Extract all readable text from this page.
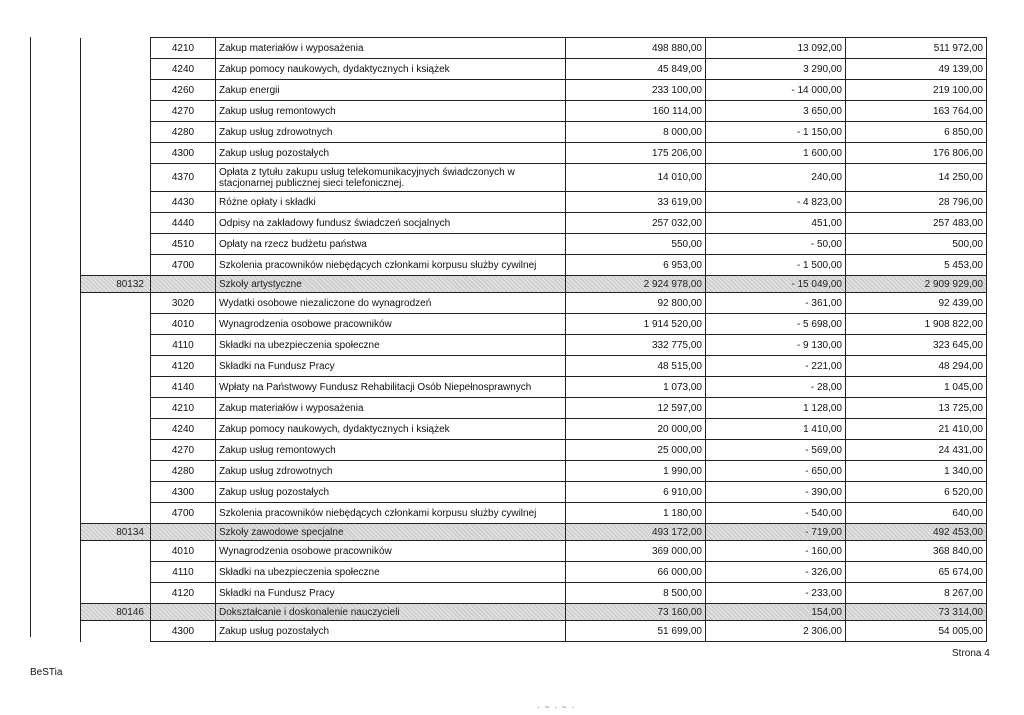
	4210	Zakup materiałów i wyposażenia	498 880,00	13 092,00	511 972,00
	4240	Zakup pomocy naukowych, dydaktycznych i książek	45 849,00	3 290,00	49 139,00
	4260	Zakup energii	233 100,00	- 14 000,00	219 100,00
	4270	Zakup usług remontowych	160 114,00	3 650,00	163 764,00
	4280	Zakup usług zdrowotnych	8 000,00	- 1 150,00	6 850,00
	4300	Zakup usług pozostałych	175 206,00	1 600,00	176 806,00
	4370	Opłata z tytułu zakupu usług telekomunikacyjnych świadczonych w stacjonarnej publicznej sieci telefonicznej.	14 010,00	240,00	14 250,00
	4430	Różne opłaty i składki	33 619,00	- 4 823,00	28 796,00
	4440	Odpisy na zakładowy fundusz świadczeń socjalnych	257 032,00	451,00	257 483,00
	4510	Opłaty na rzecz budżetu państwa	550,00	- 50,00	500,00
	4700	Szkolenia pracowników niebędących członkami korpusu służby cywilnej	6 953,00	- 1 500,00	5 453,00
80132		Szkoły artystyczne	2 924 978,00	- 15 049,00	2 909 929,00
	3020	Wydatki osobowe niezaliczone do wynagrodzeń	92 800,00	- 361,00	92 439,00
	4010	Wynagrodzenia osobowe pracowników	1 914 520,00	- 5 698,00	1 908 822,00
	4110	Składki na ubezpieczenia społeczne	332 775,00	- 9 130,00	323 645,00
	4120	Składki na Fundusz Pracy	48 515,00	- 221,00	48 294,00
	4140	Wpłaty na Państwowy Fundusz Rehabilitacji Osób Niepełnosprawnych	1 073,00	- 28,00	1 045,00
	4210	Zakup materiałów i wyposażenia	12 597,00	1 128,00	13 725,00
	4240	Zakup pomocy naukowych, dydaktycznych i książek	20 000,00	1 410,00	21 410,00
	4270	Zakup usług remontowych	25 000,00	- 569,00	24 431,00
	4280	Zakup usług zdrowotnych	1 990,00	- 650,00	1 340,00
	4300	Zakup usług pozostałych	6 910,00	- 390,00	6 520,00
	4700	Szkolenia pracowników niebędących członkami korpusu służby cywilnej	1 180,00	- 540,00	640,00
80134		Szkoły zawodowe specjalne	493 172,00	- 719,00	492 453,00
	4010	Wynagrodzenia osobowe pracowników	369 000,00	- 160,00	368 840,00
	4110	Składki na ubezpieczenia społeczne	66 000,00	- 326,00	65 674,00
	4120	Składki na Fundusz Pracy	8 500,00	- 233,00	8 267,00
80146		Dokształcanie i doskonalenie nauczycieli	73 160,00	154,00	73 314,00
	4300	Zakup usług pozostałych	51 699,00	2 306,00	54 005,00
BeSTia
Strona 4
· ~ · ~ ·
